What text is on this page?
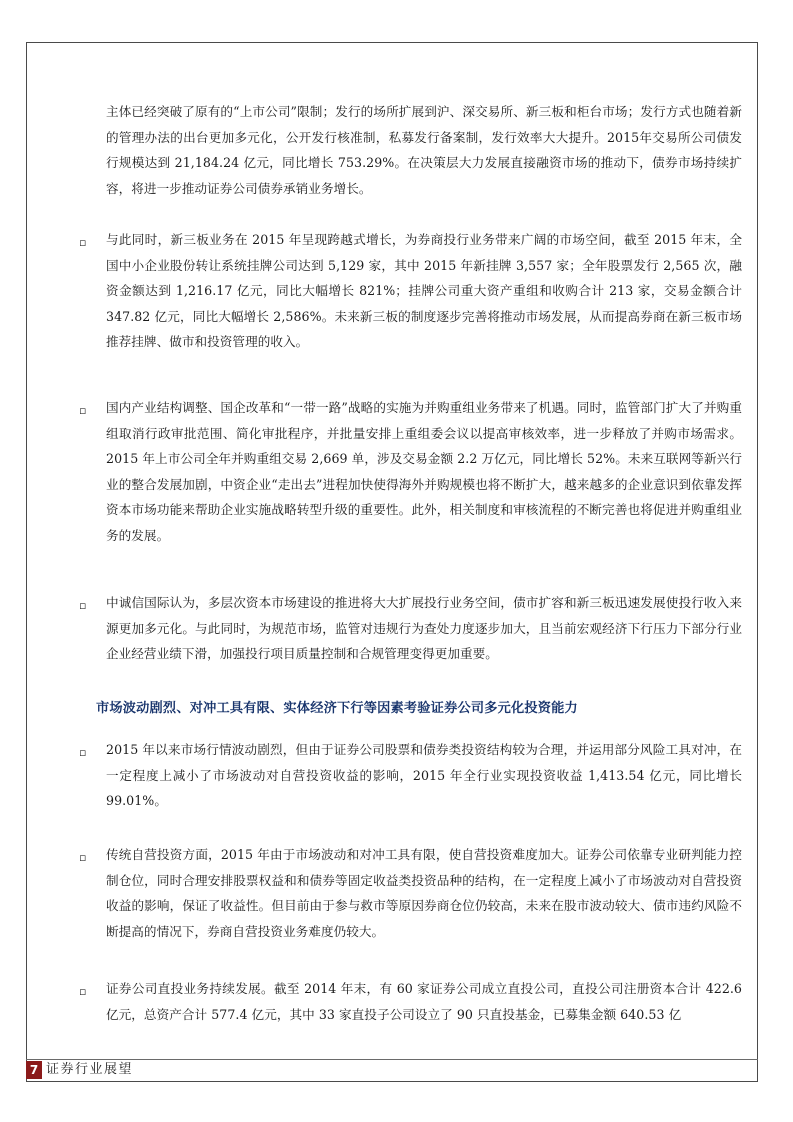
主体已经突破了原有的“上市公司”限制；发行的场所扩展到沪、深交易所、新三板和柜台市场；发行方式也随着新的管理办法的出台更加多元化，公开发行核准制，私募发行备案制，发行效率大大提升。2015年交易所公司债发行规模达到 21,184.24 亿元，同比增长 753.29%。在决策层大力发展直接融资市场的推动下，债券市场持续扩容，将进一步推动证券公司债券承销业务增长。

▫

与此同时，新三板业务在 2015 年呈现跨越式增长，为券商投行业务带来广阔的市场空间，截至 2015 年末，全国中小企业股份转让系统挂牌公司达到 5,129 家，其中 2015 年新挂牌 3,557 家；全年股票发行 2,565 次，融资金额达到 1,216.17 亿元，同比大幅增长 821%；挂牌公司重大资产重组和收购合计 213 家，交易金额合计 347.82 亿元，同比大幅增长 2,586%。未来新三板的制度逐步完善将推动市场发展，从而提高券商在新三板市场推荐挂牌、做市和投资管理的收入。

▫

国内产业结构调整、国企改革和“一带一路”战略的实施为并购重组业务带来了机遇。同时，监管部门扩大了并购重组取消行政审批范围、简化审批程序，并批量安排上重组委会议以提高审核效率，进一步释放了并购市场需求。2015 年上市公司全年并购重组交易 2,669 单，涉及交易金额 2.2 万亿元，同比增长 52%。未来互联网等新兴行业的整合发展加剧，中资企业“走出去”进程加快使得海外并购规模也将不断扩大，越来越多的企业意识到依靠发挥资本市场功能来帮助企业实施战略转型升级的重要性。此外，相关制度和审核流程的不断完善也将促进并购重组业务的发展。

▫

中诚信国际认为，多层次资本市场建设的推进将大大扩展投行业务空间，债市扩容和新三板迅速发展使投行收入来源更加多元化。与此同时，为规范市场，监管对违规行为查处力度逐步加大，且当前宏观经济下行压力下部分行业企业经营业绩下滑，加强投行项目质量控制和合规管理变得更加重要。

市场波动剧烈、对冲工具有限、实体经济下行等因素考验证券公司多元化投资能力
▫

2015 年以来市场行情波动剧烈，但由于证券公司股票和债券类投资结构较为合理，并运用部分风险工具对冲，在一定程度上减小了市场波动对自营投资收益的影响，2015 年全行业实现投资收益 1,413.54 亿元，同比增长 99.01%。

▫

传统自营投资方面，2015 年由于市场波动和对冲工具有限，使自营投资难度加大。证券公司依靠专业研判能力控制仓位，同时合理安排股票权益和和债券等固定收益类投资品种的结构，在一定程度上减小了市场波动对自营投资收益的影响，保证了收益性。但目前由于参与救市等原因券商仓位仍较高，未来在股市波动较大、债市违约风险不断提高的情况下，券商自营投资业务难度仍较大。

▫

证券公司直投业务持续发展。截至 2014 年末，有 60 家证券公司成立直投公司，直投公司注册资本合计 422.6 亿元，总资产合计 577.4 亿元，其中 33 家直投子公司设立了 90 只直投基金，已募集金额 640.53 亿

7 证券行业展望
